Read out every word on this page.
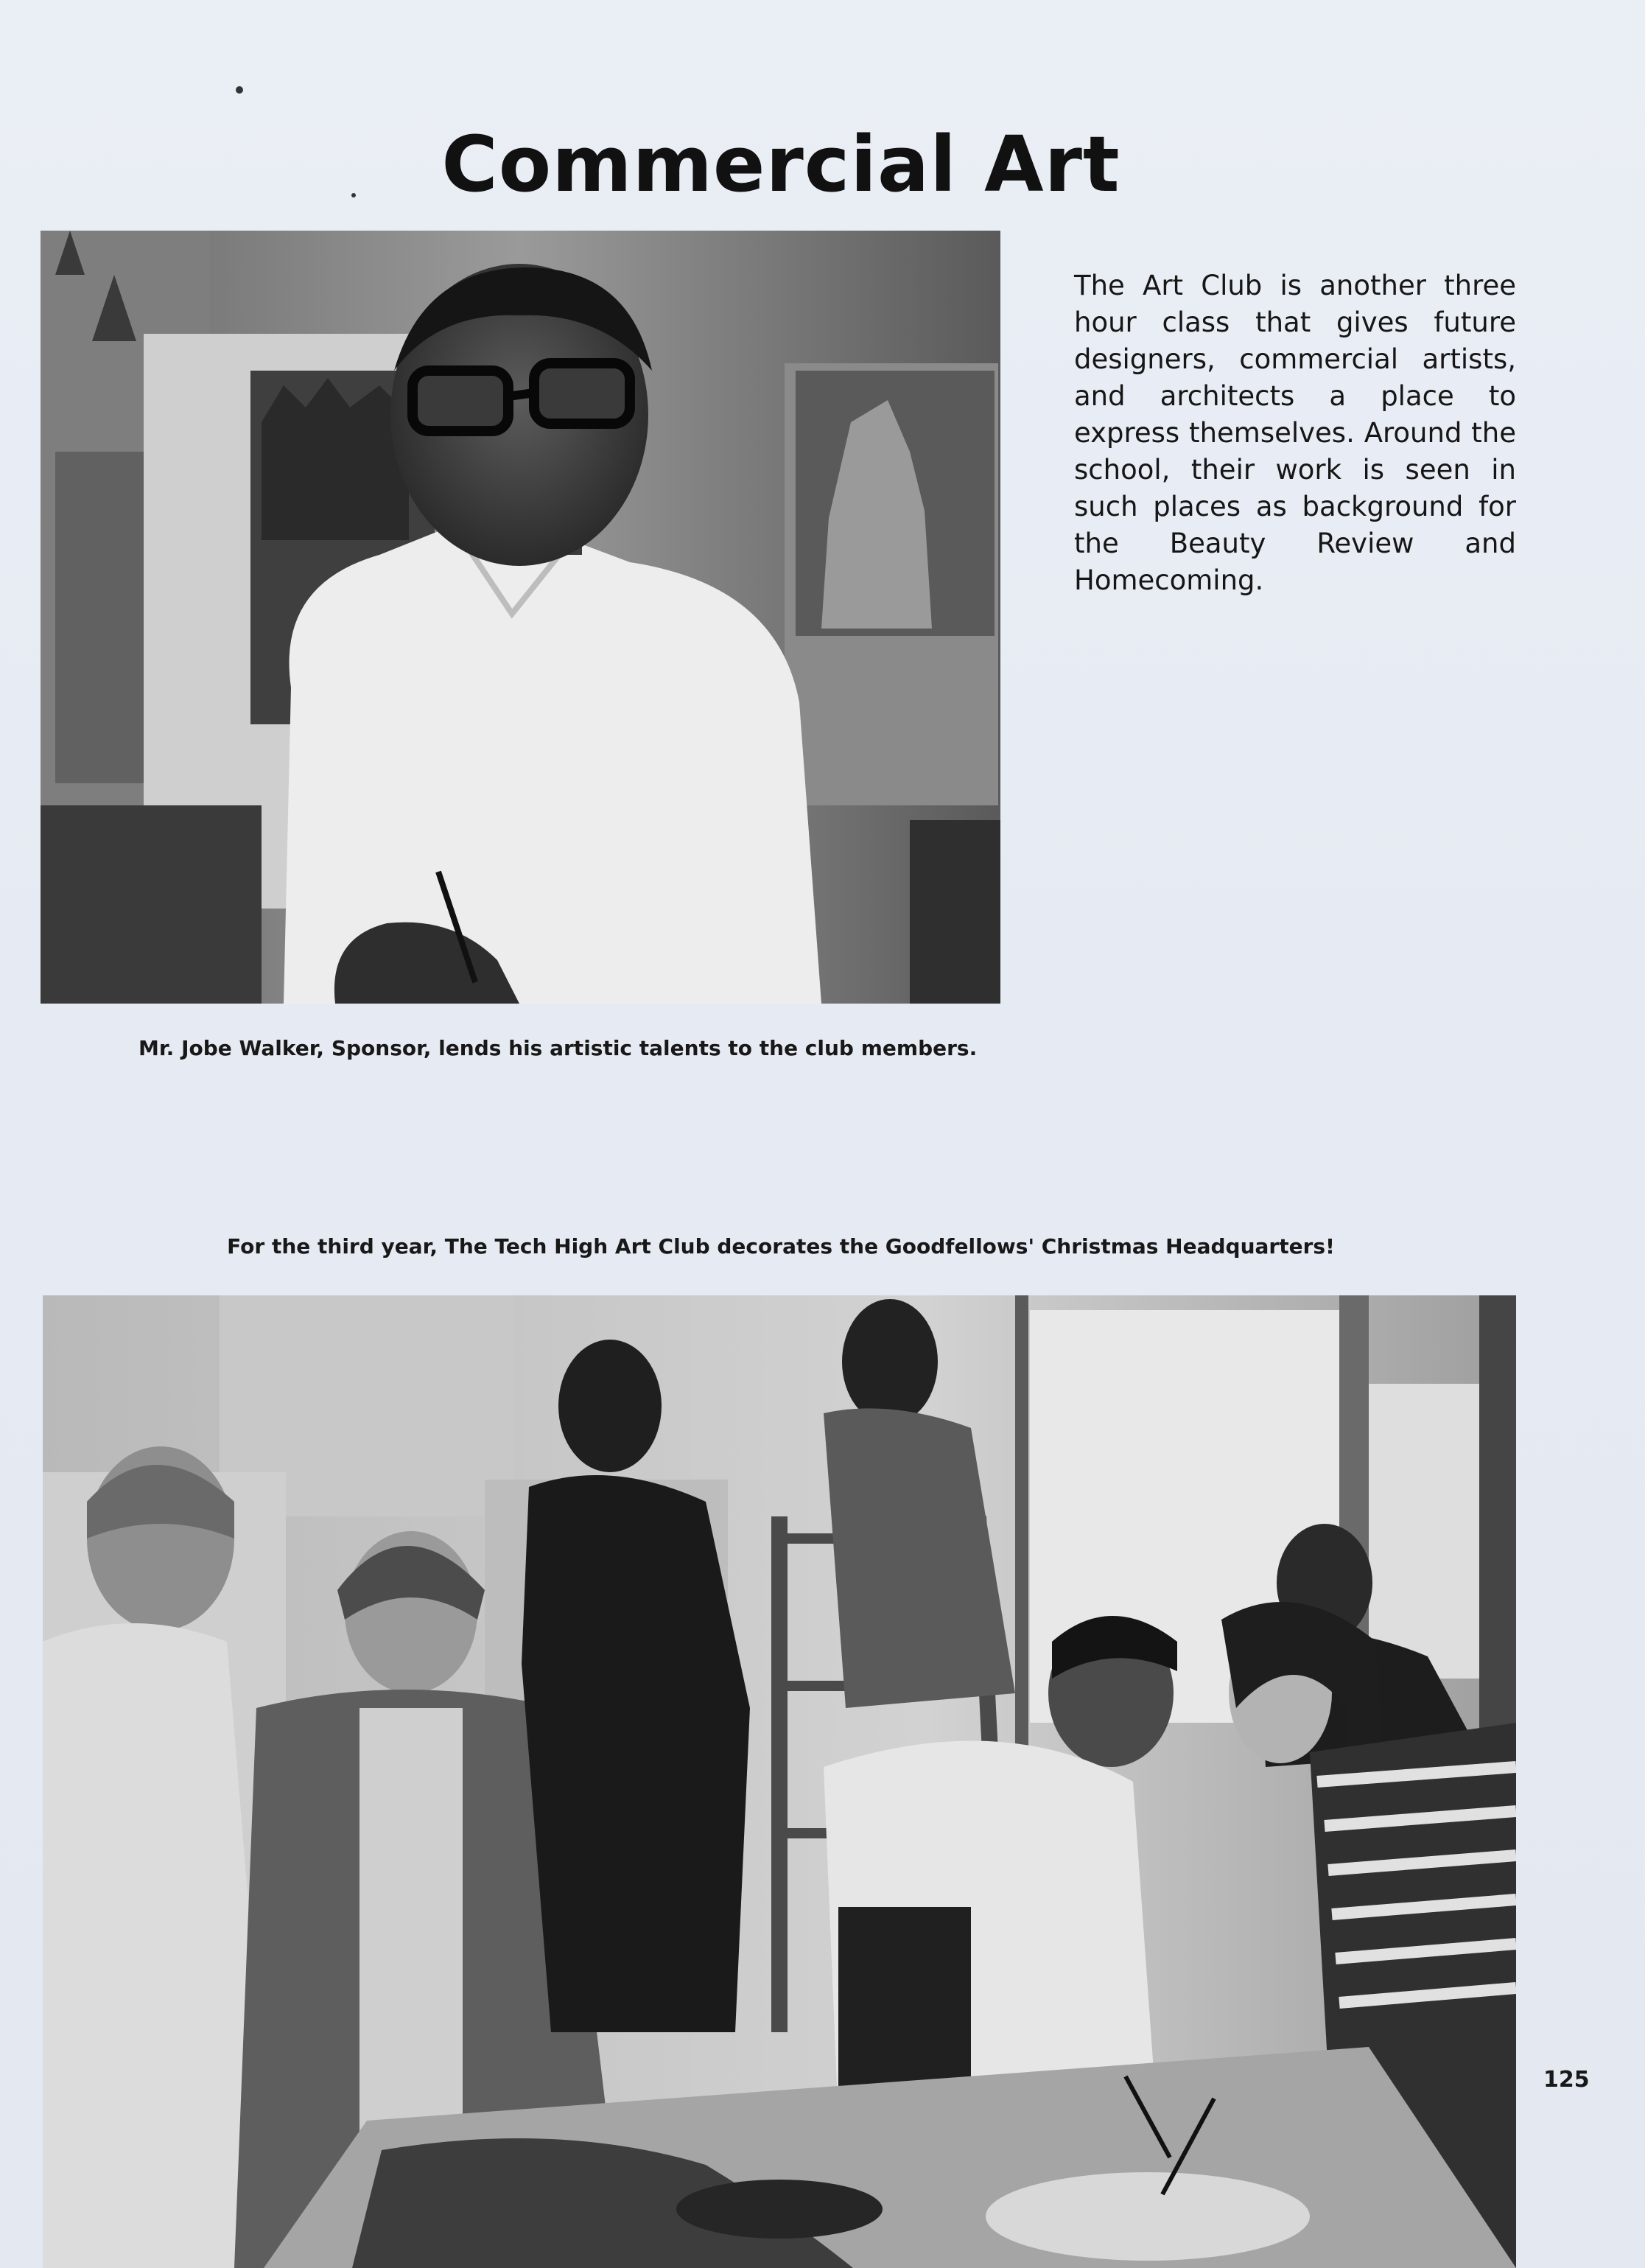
Commercial Art

The Art Club is another three hour class that gives future designers, commercial artists, and architects a place to express themselves. Around the school, their work is seen in such places as background for the Beauty Review and Homecoming.

Mr. Jobe Walker, Sponsor, lends his artistic talents to the club members.
For the third year, The Tech High Art Club decorates the Goodfellows' Christmas Headquarters!
125
